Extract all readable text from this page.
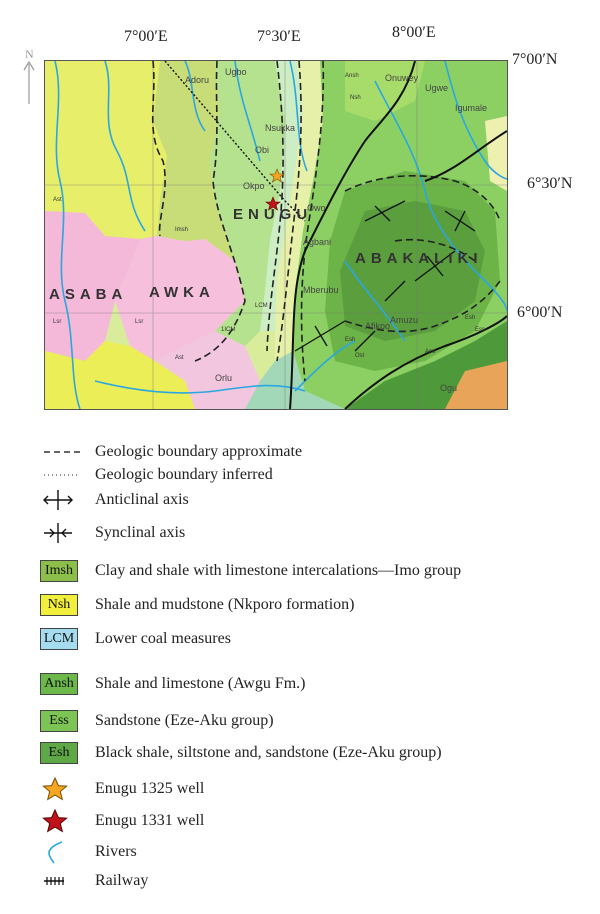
7°00′E	7°30′E	8°00′E
7°00′N
6°30′N
6°00′N
N
Ast
Lsr
Imsh
Nsh
Ansh
Esh
Ess
LCM
1ICM
Lsr
Ast	Ost
Esh
Aso
Adoru
Ugbo
Nsukka
Obi
Okpo
Owo
Agbani
Mberubu
Afikpo
Onuwey
Ugwe
Igumale
Orlu
Amuzu
Ogu
ENUGU
ABAKALIKI
ASABA AWKA
Geologic boundary approximate
Geologic boundary inferred
Anticlinal axis
Synclinal axis
Imsh	Clay and shale with limestone intercalations—Imo group
Nsh	Shale and mudstone (Nkporo formation)
LCM Lower coal measures
Ansh Shale and limestone (Awgu Fm.)
Ess	Sandstone (Eze-Aku group)
Esh	Black shale, siltstone and, sandstone (Eze-Aku group)
Enugu 1325 well
Enugu 1331 well
Rivers
Railway
